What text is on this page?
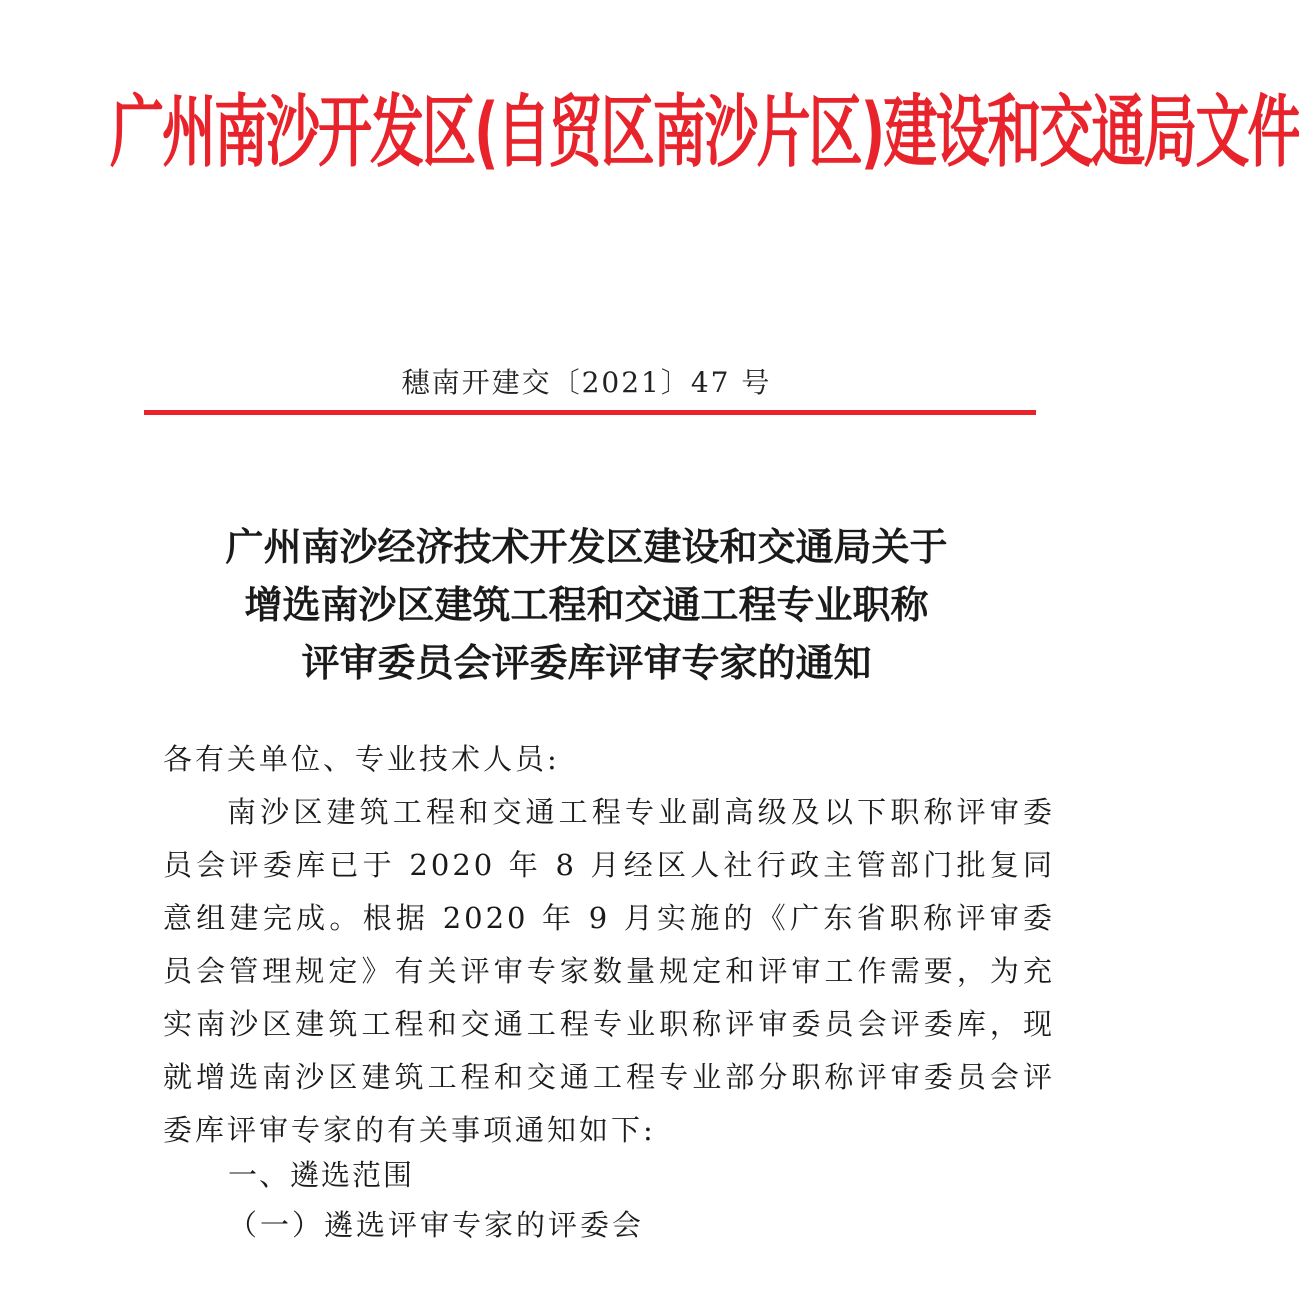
广州南沙开发区(自贸区南沙片区)建设和交通局文件
穗南开建交〔2021〕47 号
广州南沙经济技术开发区建设和交通局关于
增选南沙区建筑工程和交通工程专业职称
评审委员会评委库评审专家的通知
各有关单位、专业技术人员:
南沙区建筑工程和交通工程专业副高级及以下职称评审委员会评委库已于 2020 年 8 月经区人社行政主管部门批复同意组建完成。根据 2020 年 9 月实施的《广东省职称评审委员会管理规定》有关评审专家数量规定和评审工作需要，为充实南沙区建筑工程和交通工程专业职称评审委员会评委库，现就增选南沙区建筑工程和交通工程专业部分职称评审委员会评委库评审专家的有关事项通知如下:
一、遴选范围
（一）遴选评审专家的评委会
